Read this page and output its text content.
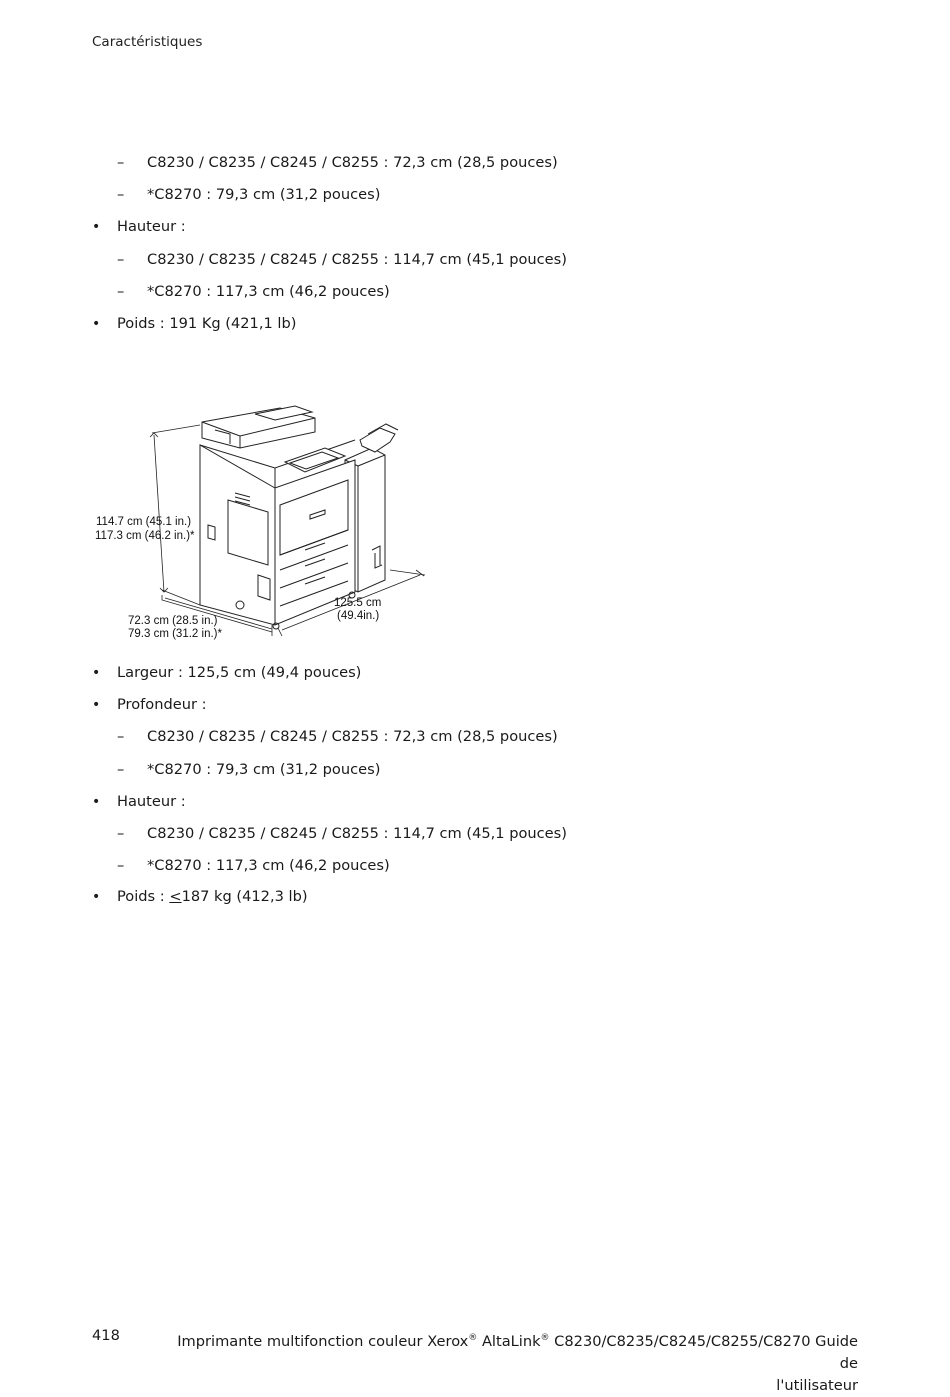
Caractéristiques
– C8230 / C8235 / C8245 / C8255 : 72,3 cm (28,5 pouces)
– *C8270 : 79,3 cm (31,2 pouces)
•
Hauteur :
– C8230 / C8235 / C8245 / C8255 : 114,7 cm (45,1 pouces)
– *C8270 : 117,3 cm (46,2 pouces)
•
Poids : 191 Kg (421,1 lb)
114.7 cm (45.1 in.)
117.3 cm (46.2 in.)*
72.3 cm (28.5 in.)
79.3 cm (31.2 in.)*
125.5 cm
(49.4in.)
•
Largeur : 125,5 cm (49,4 pouces)
•
Profondeur :
– C8230 / C8235 / C8245 / C8255 : 72,3 cm (28,5 pouces)
– *C8270 : 79,3 cm (31,2 pouces)
•
Hauteur :
– C8230 / C8235 / C8245 / C8255 : 114,7 cm (45,1 pouces)
– *C8270 : 117,3 cm (46,2 pouces)
•
Poids : <187 kg (412,3 lb)
418	Imprimante multifonction couleur Xerox® AltaLink® C8230/C8235/C8245/C8255/C8270 Guide de
l'utilisateur
